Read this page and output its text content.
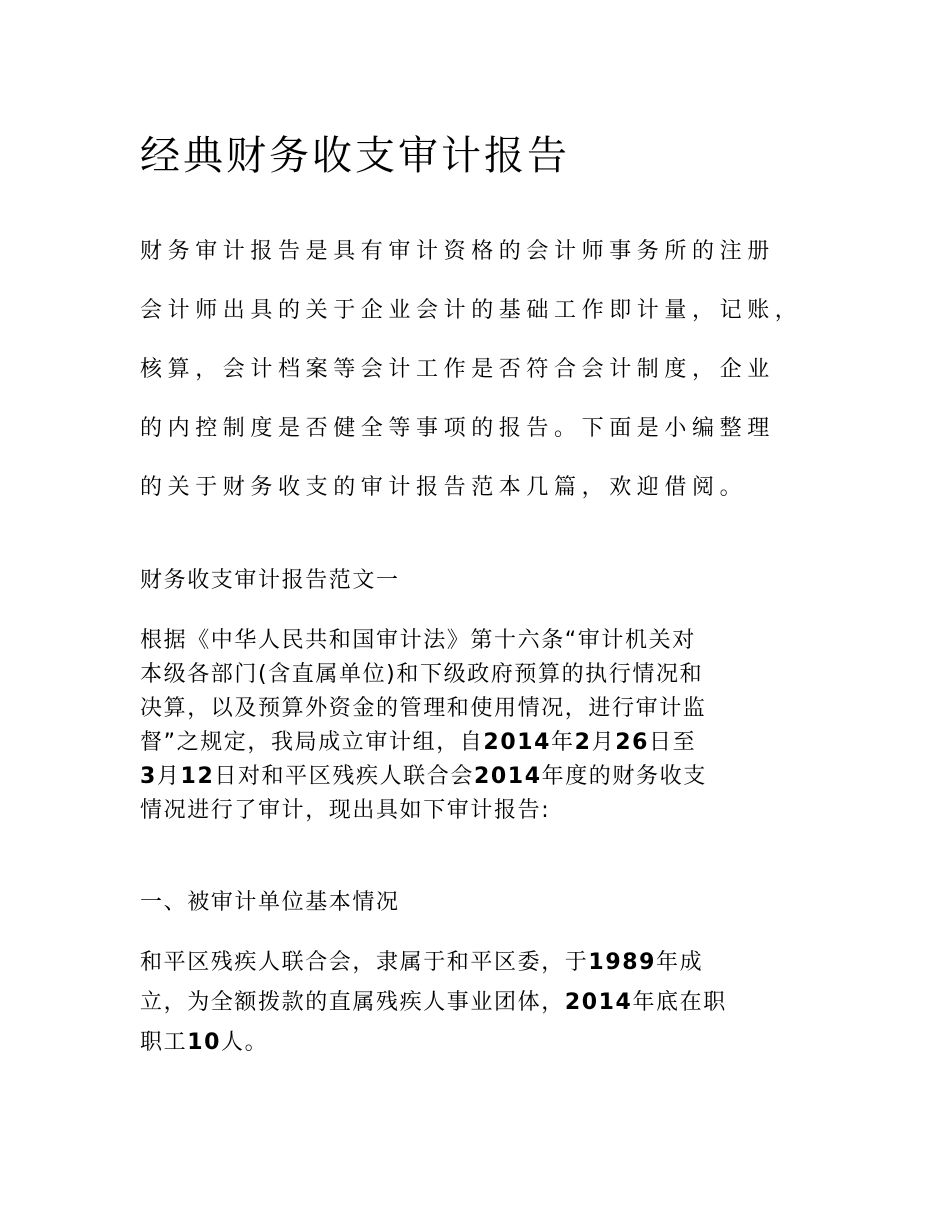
经典财务收支审计报告
财务审计报告是具有审计资格的会计师事务所的注册
会计师出具的关于企业会计的基础工作即计量，记账，
核算，会计档案等会计工作是否符合会计制度，企业
的内控制度是否健全等事项的报告。下面是小编整理
的关于财务收支的审计报告范本几篇，欢迎借阅。
财务收支审计报告范文一
根据《中华人民共和国审计法》第十六条“审计机关对
本级各部门(含直属单位)和下级政府预算的执行情况和
决算，以及预算外资金的管理和使用情况，进行审计监
督”之规定，我局成立审计组，自2014年2月26日至
3月12日对和平区残疾人联合会2014年度的财务收支
情况进行了审计，现出具如下审计报告:
一、被审计单位基本情况
和平区残疾人联合会，隶属于和平区委，于1989年成
立，为全额拨款的直属残疾人事业团体，2014年底在职
职工10人。
